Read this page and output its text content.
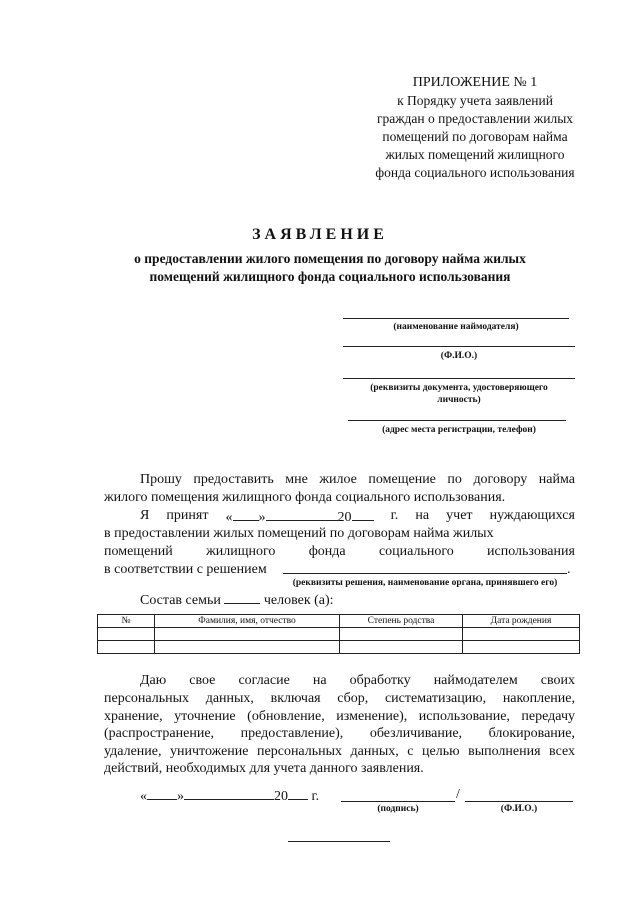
ПРИЛОЖЕНИЕ № 1
к Порядку учета заявлений
граждан о предоставлении жилых
помещений по договорам найма
жилых помещений жилищного
фонда социального использования
ЗАЯВЛЕНИЕ
о предоставлении жилого помещения по договору найма жилых
помещений жилищного фонда социального использования
(наименование наймодателя)
(Ф.И.О.)
(реквизиты документа, удостоверяющего
личность)
(адрес места регистрации, телефон)
Прошу предоставить мне жилое помещение по договору найма
жилого помещения жилищного фонда социального использования.
Я принят « »	20	г. на учет нуждающихся
в предоставлении жилых помещений по договорам найма жилых
помещений жилищного фонда социального использования
в соответствии с решением	.
(реквизиты решения, наименование органа, принявшего его)
Состав семьи	человек (а):
№	Фамилия, имя, отчество	Степень родства	Дата рождения

Даю свое согласие на обработку наймодателем своих
персональных данных, включая сбор, систематизацию, накопление,
хранение, уточнение (обновление, изменение), использование, передачу
(распространение, предоставление), обезличивание, блокирование,
удаление, уничтожение персональных данных, с целью выполнения всех
действий, необходимых для учета данного заявления.
« »	20 г.	/
(подпись)	(Ф.И.О.)
